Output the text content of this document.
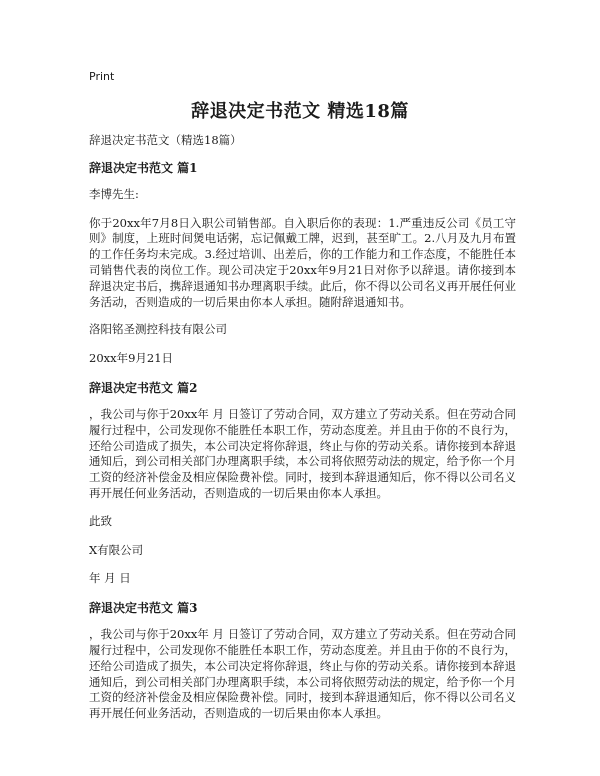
Print
辞退决定书范文 精选18篇

辞退决定书范文（精选18篇）

辞退决定书范文 篇1

李博先生:

你于20xx年7月8日入职公司销售部。自入职后你的表现：1.严重违反公司《员工守则》制度，上班时间煲电话粥，忘记佩戴工牌，迟到，甚至旷工。2.八月及九月布置的工作任务均未完成。3.经过培训、出差后，你的工作能力和工作态度，不能胜任本司销售代表的岗位工作。现公司决定于20xx年9月21日对你予以辞退。请你接到本辞退决定书后，携辞退通知书办理离职手续。此后，你不得以公司名义再开展任何业务活动，否则造成的一切后果由你本人承担。随附辞退通知书。

洛阳铭圣测控科技有限公司

20xx年9月21日

辞退决定书范文 篇2

，我公司与你于20xx年 月 日签订了劳动合同，双方建立了劳动关系。但在劳动合同履行过程中，公司发现你不能胜任本职工作，劳动态度差。并且由于你的不良行为，还给公司造成了损失，本公司决定将你辞退，终止与你的劳动关系。请你接到本辞退通知后，到公司相关部门办理离职手续，本公司将依照劳动法的规定，给予你一个月工资的经济补偿金及相应保险费补偿。同时，接到本辞退通知后，你不得以公司名义再开展任何业务活动，否则造成的一切后果由你本人承担。

此致

X有限公司

年 月 日

辞退决定书范文 篇3

，我公司与你于20xx年 月 日签订了劳动合同，双方建立了劳动关系。但在劳动合同履行过程中，公司发现你不能胜任本职工作，劳动态度差。并且由于你的不良行为，还给公司造成了损失，本公司决定将你辞退，终止与你的劳动关系。请你接到本辞退通知后，到公司相关部门办理离职手续，本公司将依照劳动法的规定，给予你一个月工资的经济补偿金及相应保险费补偿。同时，接到本辞退通知后，你不得以公司名义再开展任何业务活动，否则造成的一切后果由你本人承担。
